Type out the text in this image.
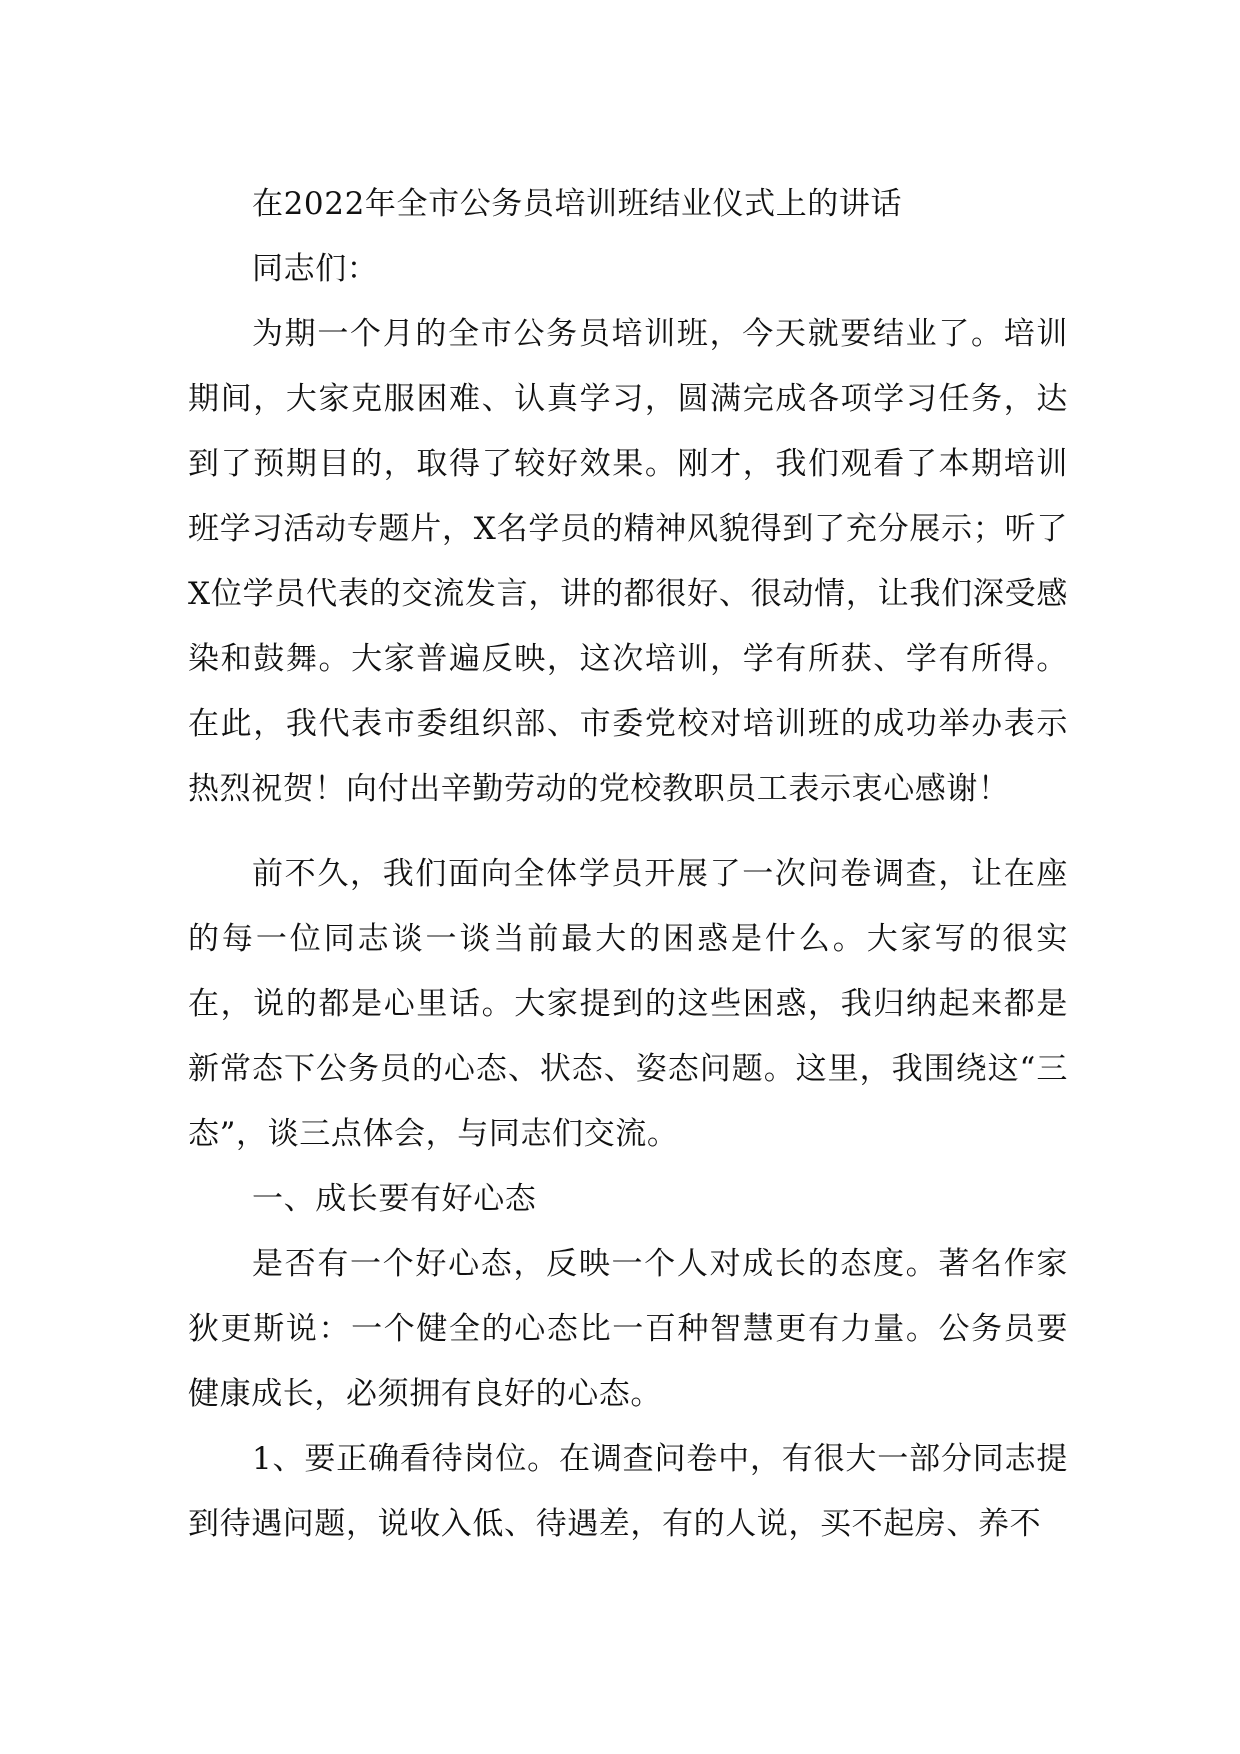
在2022年全市公务员培训班结业仪式上的讲话

同志们：

为期一个月的全市公务员培训班，今天就要结业了。培训期间，大家克服困难、认真学习，圆满完成各项学习任务，达到了预期目的，取得了较好效果。刚才，我们观看了本期培训班学习活动专题片，X名学员的精神风貌得到了充分展示；听了X位学员代表的交流发言，讲的都很好、很动情，让我们深受感染和鼓舞。大家普遍反映，这次培训，学有所获、学有所得。在此，我代表市委组织部、市委党校对培训班的成功举办表示热烈祝贺！向付出辛勤劳动的党校教职员工表示衷心感谢！

前不久，我们面向全体学员开展了一次问卷调查，让在座的每一位同志谈一谈当前最大的困惑是什么。大家写的很实在，说的都是心里话。大家提到的这些困惑，我归纳起来都是新常态下公务员的心态、状态、姿态问题。这里，我围绕这“三态”，谈三点体会，与同志们交流。

一、成长要有好心态

是否有一个好心态，反映一个人对成长的态度。著名作家狄更斯说：一个健全的心态比一百种智慧更有力量。公务员要健康成长，必须拥有良好的心态。

1、要正确看待岗位。在调查问卷中，有很大一部分同志提到待遇问题，说收入低、待遇差，有的人说，买不起房、养不
